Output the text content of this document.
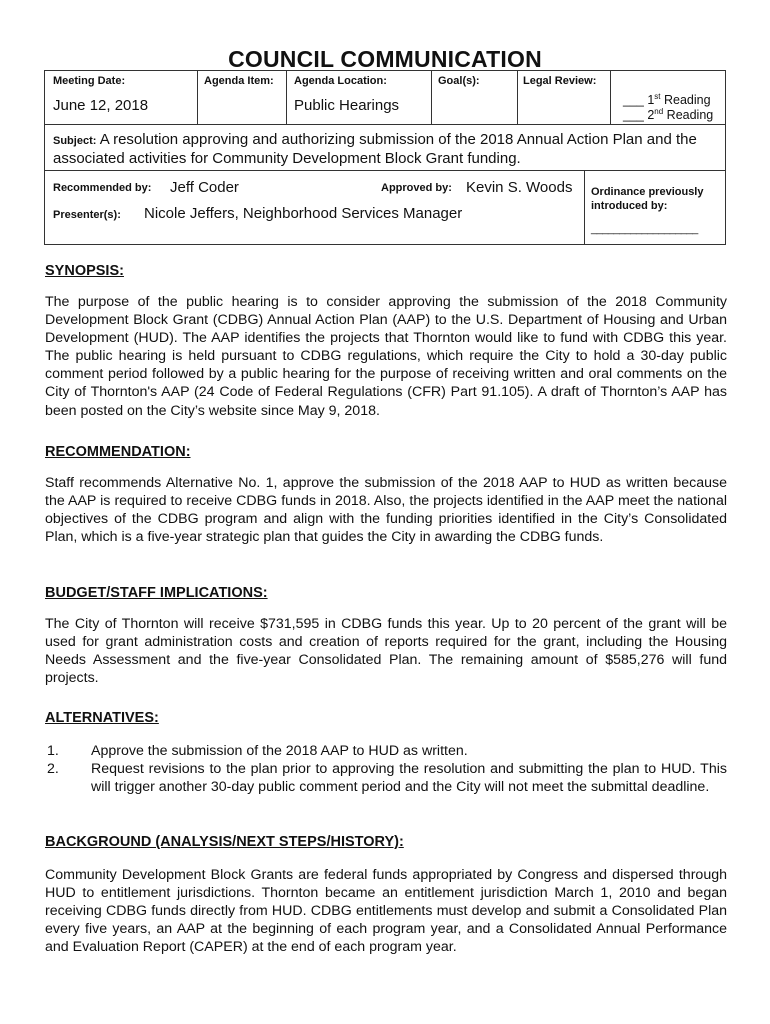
COUNCIL COMMUNICATION
Meeting Date:
June 12, 2018
Agenda Item: Agenda Location:
Public Hearings
Goal(s):	Legal Review:
___ 1st Reading
___ 2nd Reading
Subject: A resolution approving and authorizing submission of the 2018 Annual Action Plan and the associated activities for Community Development Block Grant funding.
Recommended by: Jeff Coder	Approved by: Kevin S. Woods
Presenter(s): Nicole Jeffers, Neighborhood Services Manager
Ordinance previously
introduced by:
___________________
SYNOPSIS:
The purpose of the public hearing is to consider approving the submission of the 2018 Community Development Block Grant (CDBG) Annual Action Plan (AAP) to the U.S. Department of Housing and Urban Development (HUD). The AAP identifies the projects that Thornton would like to fund with CDBG this year. The public hearing is held pursuant to CDBG regulations, which require the City to hold a 30-day public comment period followed by a public hearing for the purpose of receiving written and oral comments on the City of Thornton's AAP (24 Code of Federal Regulations (CFR) Part 91.105). A draft of Thornton’s AAP has been posted on the City’s website since May 9, 2018.
RECOMMENDATION:
Staff recommends Alternative No. 1, approve the submission of the 2018 AAP to HUD as written because the AAP is required to receive CDBG funds in 2018. Also, the projects identified in the AAP meet the national objectives of the CDBG program and align with the funding priorities identified in the City’s Consolidated Plan, which is a five-year strategic plan that guides the City in awarding the CDBG funds.
BUDGET/STAFF IMPLICATIONS:
The City of Thornton will receive $731,595 in CDBG funds this year. Up to 20 percent of the grant will be used for grant administration costs and creation of reports required for the grant, including the Housing Needs Assessment and the five-year Consolidated Plan. The remaining amount of $585,276 will fund projects.
ALTERNATIVES:
1. Approve the submission of the 2018 AAP to HUD as written.
2. Request revisions to the plan prior to approving the resolution and submitting the plan to HUD. This will trigger another 30-day public comment period and the City will not meet the submittal deadline.
BACKGROUND (ANALYSIS/NEXT STEPS/HISTORY):
Community Development Block Grants are federal funds appropriated by Congress and dispersed through HUD to entitlement jurisdictions. Thornton became an entitlement jurisdiction March 1, 2010 and began receiving CDBG funds directly from HUD. CDBG entitlements must develop and submit a Consolidated Plan every five years, an AAP at the beginning of each program year, and a Consolidated Annual Performance and Evaluation Report (CAPER) at the end of each program year.
